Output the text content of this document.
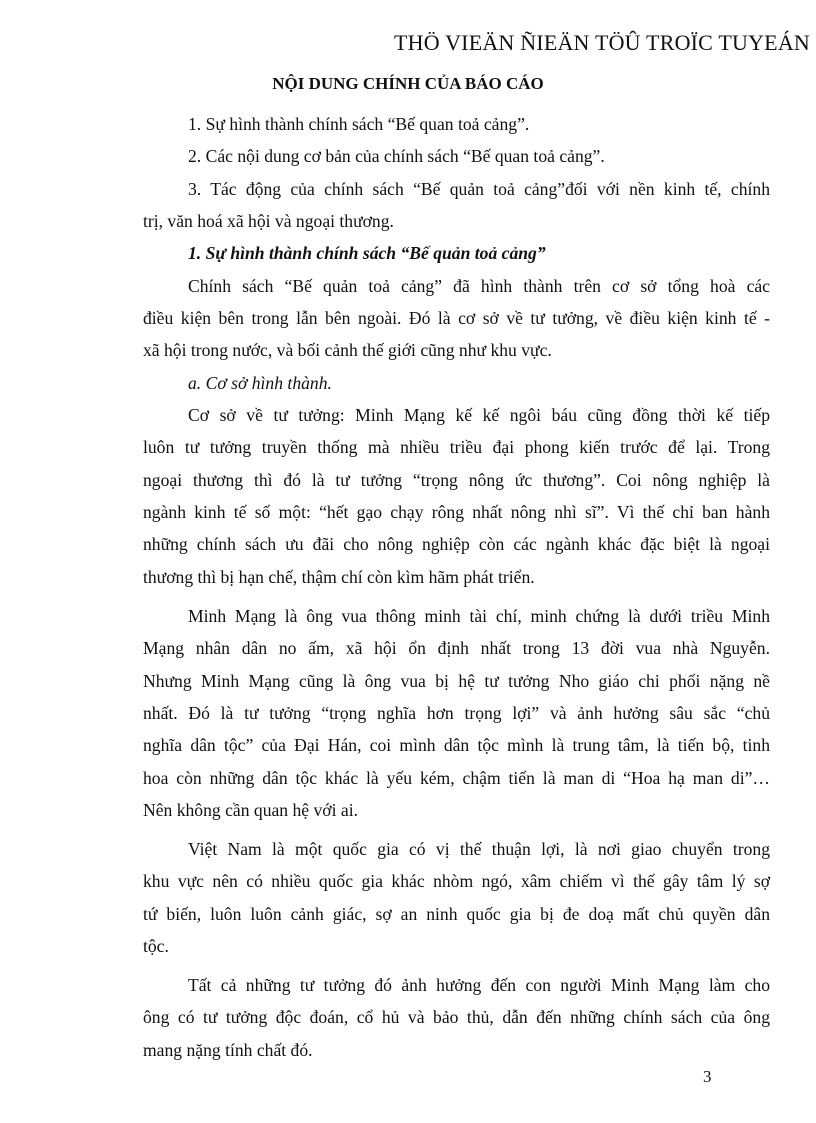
THÖ VIEÄN ÑIEÄN TÖÛ TROÏC TUYEÁN
NỘI DUNG CHÍNH CỦA BÁO CÁO
1. Sự hình thành chính sách “Bế quan toả cảng”.
2. Các nội dung cơ bản của chính sách “Bế quan toả cảng”.
3. Tác động của chính sách “Bế quản toả cảng”đối với nền kinh tế, chính
trị, văn hoá xã hội và ngoại thương.
1. Sự hình thành chính sách “Bế quản toả cảng”
Chính sách “Bế quản toả cảng” đã hình thành trên cơ sở tổng hoà các
điều kiện bên trong lẫn bên ngoài. Đó là cơ sở về tư tưởng, về điều kiện kinh tế -
xã hội trong nước, và bối cảnh thế giới cũng như khu vực.
a. Cơ sở hình thành.
Cơ sở về tư tưởng: Minh Mạng kế kế ngôi báu cũng đồng thời kế tiếp
luôn tư tưởng truyền thống mà nhiều triều đại phong kiến trước để lại. Trong
ngoại thương thì đó là tư tưởng “trọng nông ức thương”. Coi nông nghiệp là
ngành kinh tế số một: “hết gạo chạy rông nhất nông nhì sĩ”. Vì thế chỉ ban hành
những chính sách ưu đãi cho nông nghiệp còn các ngành khác đặc biệt là ngoại
thương thì bị hạn chế, thậm chí còn kìm hãm phát triển.
Minh Mạng là ông vua thông minh tài chí, minh chứng là dưới triều Minh
Mạng nhân dân no ấm, xã hội ổn định nhất trong 13 đời vua nhà Nguyễn.
Nhưng Minh Mạng cũng là ông vua bị hệ tư tưởng Nho giáo chi phối nặng nề
nhất. Đó là tư tưởng “trọng nghĩa hơn trọng lợi” và ảnh hưởng sâu sắc “chủ
nghĩa dân tộc” của Đại Hán, coi mình dân tộc mình là trung tâm, là tiến bộ, tinh
hoa còn những dân tộc khác là yếu kém, chậm tiến là man di “Hoa hạ man di”…
Nên không cần quan hệ với ai.
Việt Nam là một quốc gia có vị thế thuận lợi, là nơi giao chuyển trong
khu vực nên có nhiều quốc gia khác nhòm ngó, xâm chiếm vì thế gây tâm lý sợ
tứ biến, luôn luôn cảnh giác, sợ an ninh quốc gia bị đe doạ mất chủ quyền dân
tộc.
Tất cả những tư tưởng đó ảnh hưởng đến con người Minh Mạng làm cho
ông có tư tưởng độc đoán, cổ hủ và bảo thủ, dẫn đến những chính sách của ông
mang nặng tính chất đó.
3
